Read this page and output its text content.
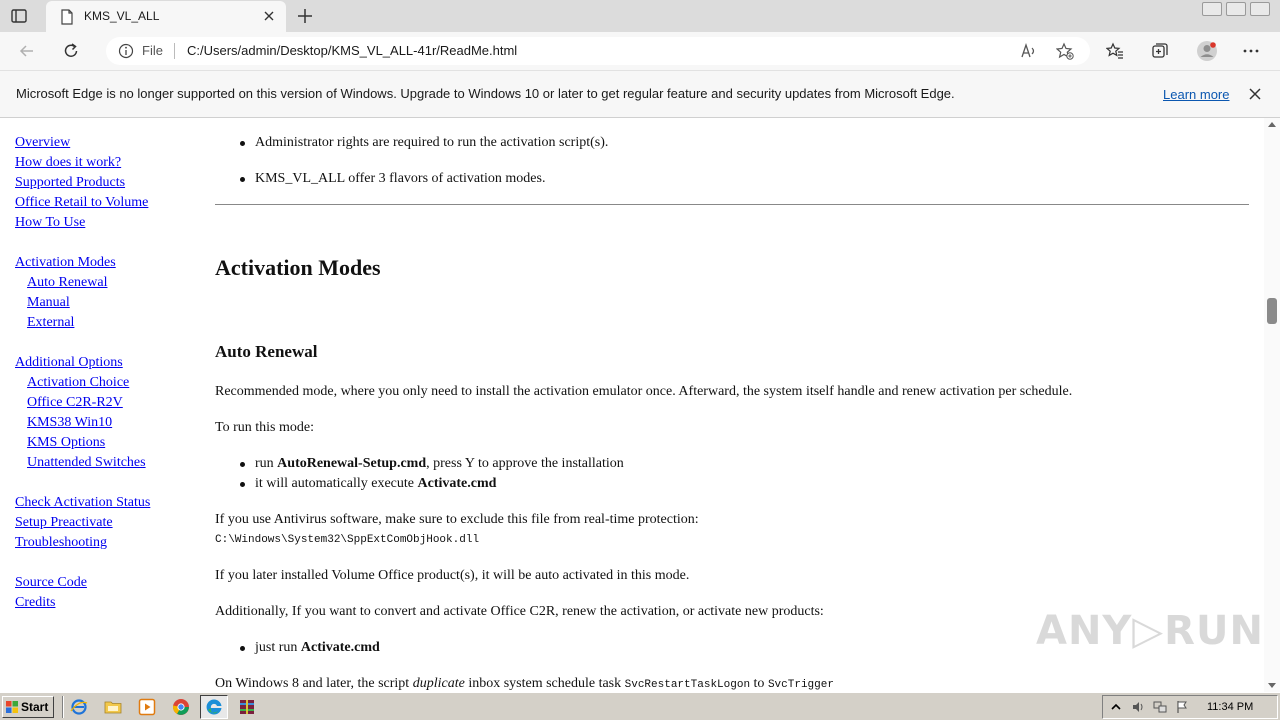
KMS_VL_ALL
File C:/Users/admin/Desktop/KMS_VL_ALL-41r/ReadMe.html
Microsoft Edge is no longer supported on this version of Windows. Upgrade to Windows 10 or later to get regular feature and security updates from Microsoft Edge.	Learn more
Overview
How does it work?
Supported Products
Office Retail to Volume
How To Use
Activation Modes
Auto Renewal
Manual
External
Additional Options
Activation Choice
Office C2R-R2V
KMS38 Win10
KMS Options
Unattended Switches
Check Activation Status
Setup Preactivate
Troubleshooting
Source Code
Credits
Administrator rights are required to run the activation script(s).
KMS_VL_ALL offer 3 flavors of activation modes.
Activation Modes
Auto Renewal
Recommended mode, where you only need to install the activation emulator once. Afterward, the system itself handle and renew activation per schedule.
To run this mode:
run AutoRenewal-Setup.cmd, press Y to approve the installation
it will automatically execute Activate.cmd
If you use Antivirus software, make sure to exclude this file from real-time protection:
C:\Windows\System32\SppExtComObjHook.dll
If you later installed Volume Office product(s), it will be auto activated in this mode.
Additionally, If you want to convert and activate Office C2R, renew the activation, or activate new products:
just run Activate.cmd
On Windows 8 and later, the script duplicate inbox system schedule task SvcRestartTaskLogon to SvcTrigger
ANY▷RUN
Start	11:34 PM
